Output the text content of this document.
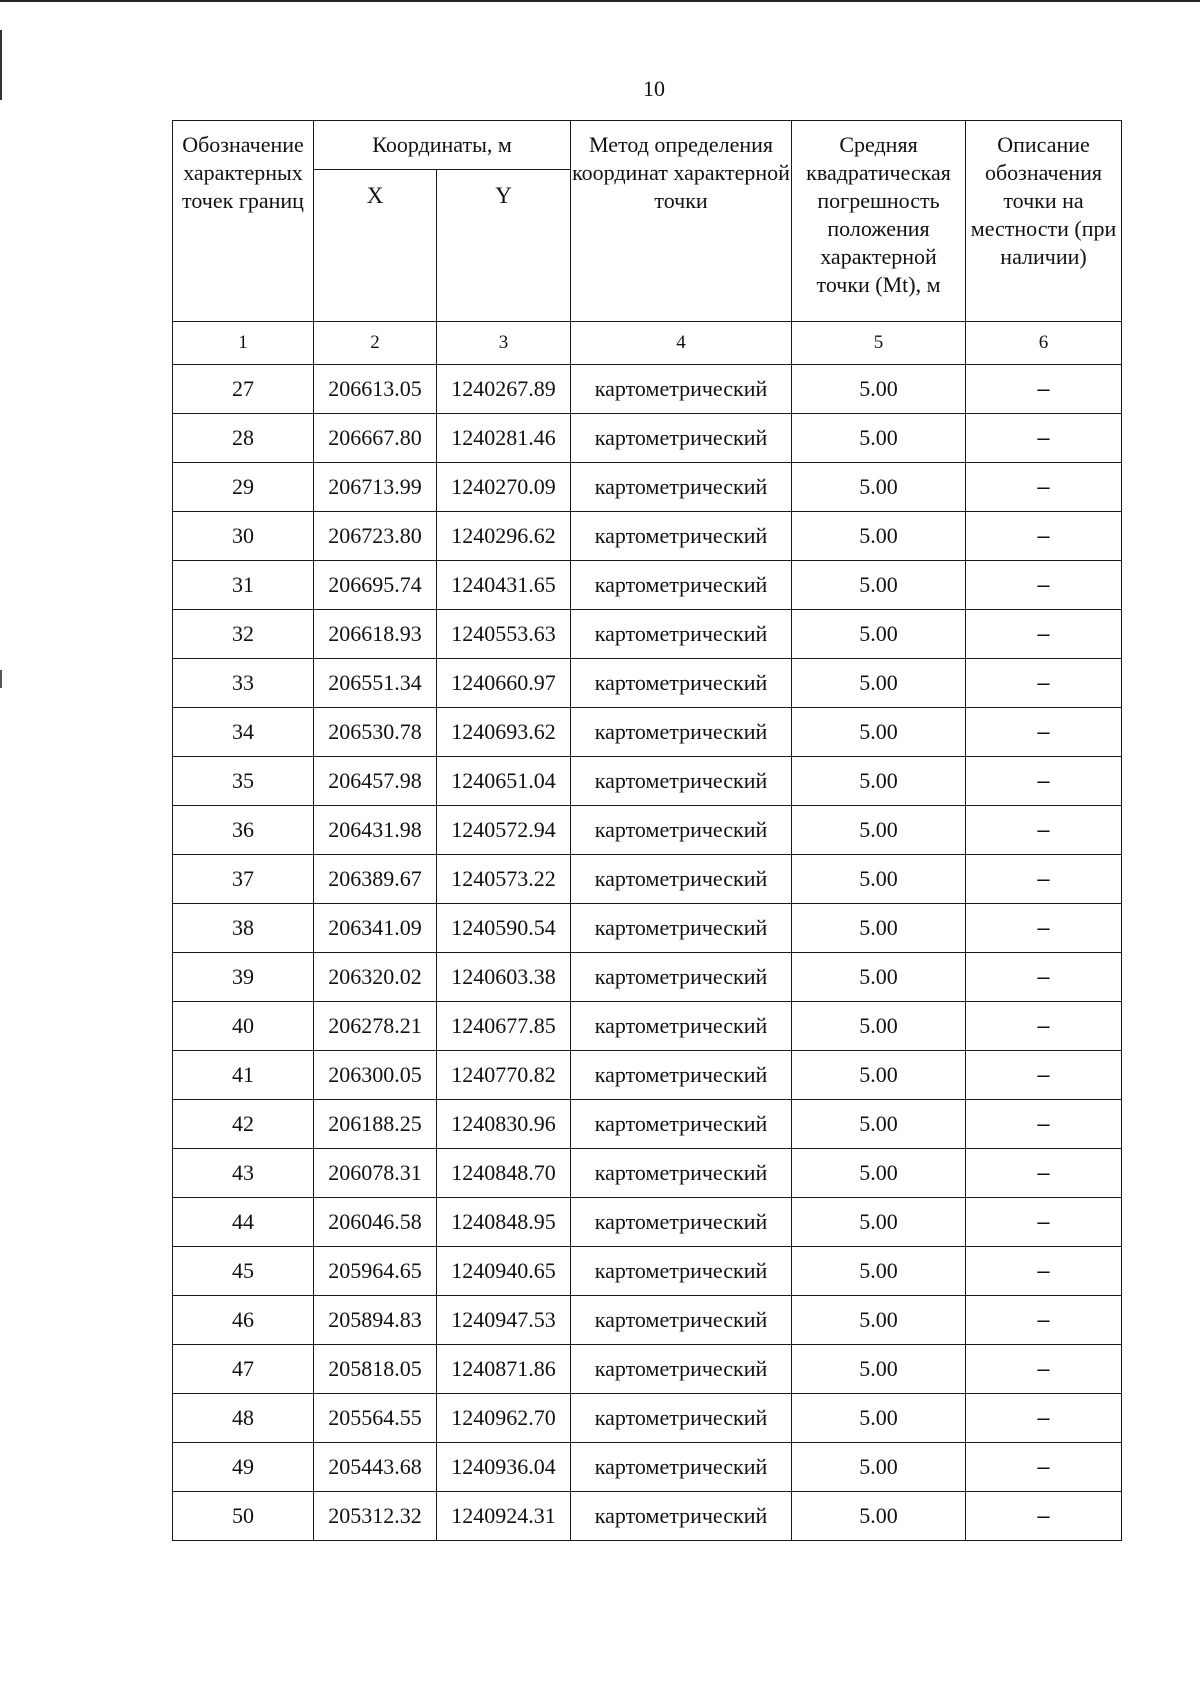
10
Обозначение характерных точек границ	Координаты, м		Метод определения координат характерной точки	Средняя квадратическая погрешность положения характерной точки (Mt), м	Описание обозначения точки на местности (при наличии)
	X	Y			
1	2	3	4	5	6
27	206613.05	1240267.89	картометрический	5.00	–
28	206667.80	1240281.46	картометрический	5.00	–
29	206713.99	1240270.09	картометрический	5.00	–
30	206723.80	1240296.62	картометрический	5.00	–
31	206695.74	1240431.65	картометрический	5.00	–
32	206618.93	1240553.63	картометрический	5.00	–
33	206551.34	1240660.97	картометрический	5.00	–
34	206530.78	1240693.62	картометрический	5.00	–
35	206457.98	1240651.04	картометрический	5.00	–
36	206431.98	1240572.94	картометрический	5.00	–
37	206389.67	1240573.22	картометрический	5.00	–
38	206341.09	1240590.54	картометрический	5.00	–
39	206320.02	1240603.38	картометрический	5.00	–
40	206278.21	1240677.85	картометрический	5.00	–
41	206300.05	1240770.82	картометрический	5.00	–
42	206188.25	1240830.96	картометрический	5.00	–
43	206078.31	1240848.70	картометрический	5.00	–
44	206046.58	1240848.95	картометрический	5.00	–
45	205964.65	1240940.65	картометрический	5.00	–
46	205894.83	1240947.53	картометрический	5.00	–
47	205818.05	1240871.86	картометрический	5.00	–
48	205564.55	1240962.70	картометрический	5.00	–
49	205443.68	1240936.04	картометрический	5.00	–
50	205312.32	1240924.31	картометрический	5.00	–
